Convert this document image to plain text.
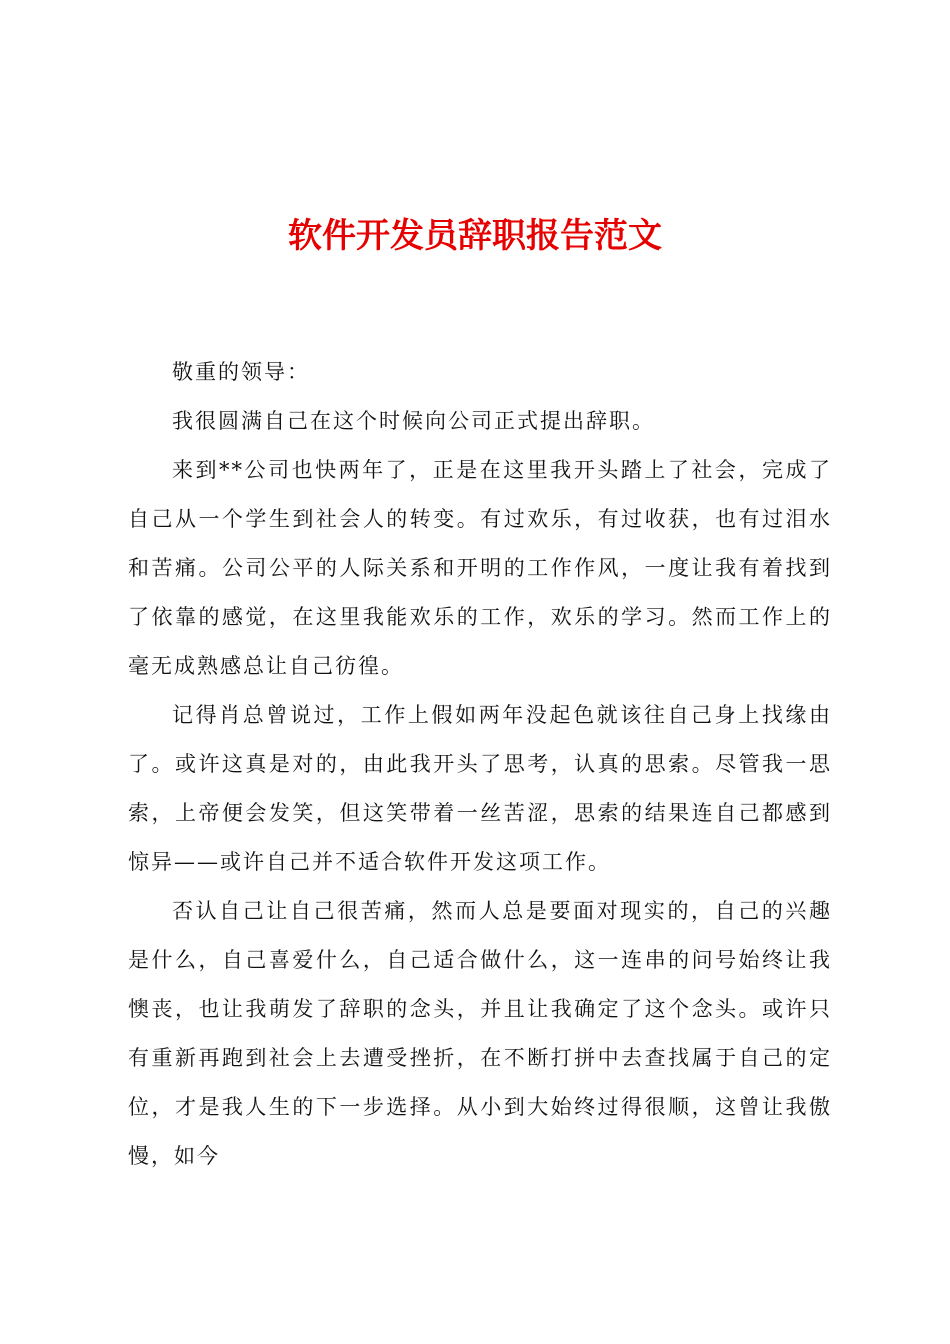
软件开发员辞职报告范文

敬重的领导：

我很圆满自己在这个时候向公司正式提出辞职。

来到**公司也快两年了，正是在这里我开头踏上了社会，完成了自己从一个学生到社会人的转变。有过欢乐，有过收获，也有过泪水和苦痛。公司公平的人际关系和开明的工作作风，一度让我有着找到了依靠的感觉，在这里我能欢乐的工作，欢乐的学习。然而工作上的毫无成熟感总让自己彷徨。

记得肖总曾说过，工作上假如两年没起色就该往自己身上找缘由了。或许这真是对的，由此我开头了思考，认真的思索。尽管我一思索，上帝便会发笑，但这笑带着一丝苦涩，思索的结果连自己都感到惊异——或许自己并不适合软件开发这项工作。

否认自己让自己很苦痛，然而人总是要面对现实的，自己的兴趣是什么，自己喜爱什么，自己适合做什么，这一连串的问号始终让我懊丧，也让我萌发了辞职的念头，并且让我确定了这个念头。或许只有重新再跑到社会上去遭受挫折，在不断打拼中去查找属于自己的定位，才是我人生的下一步选择。从小到大始终过得很顺，这曾让我傲慢，如今
